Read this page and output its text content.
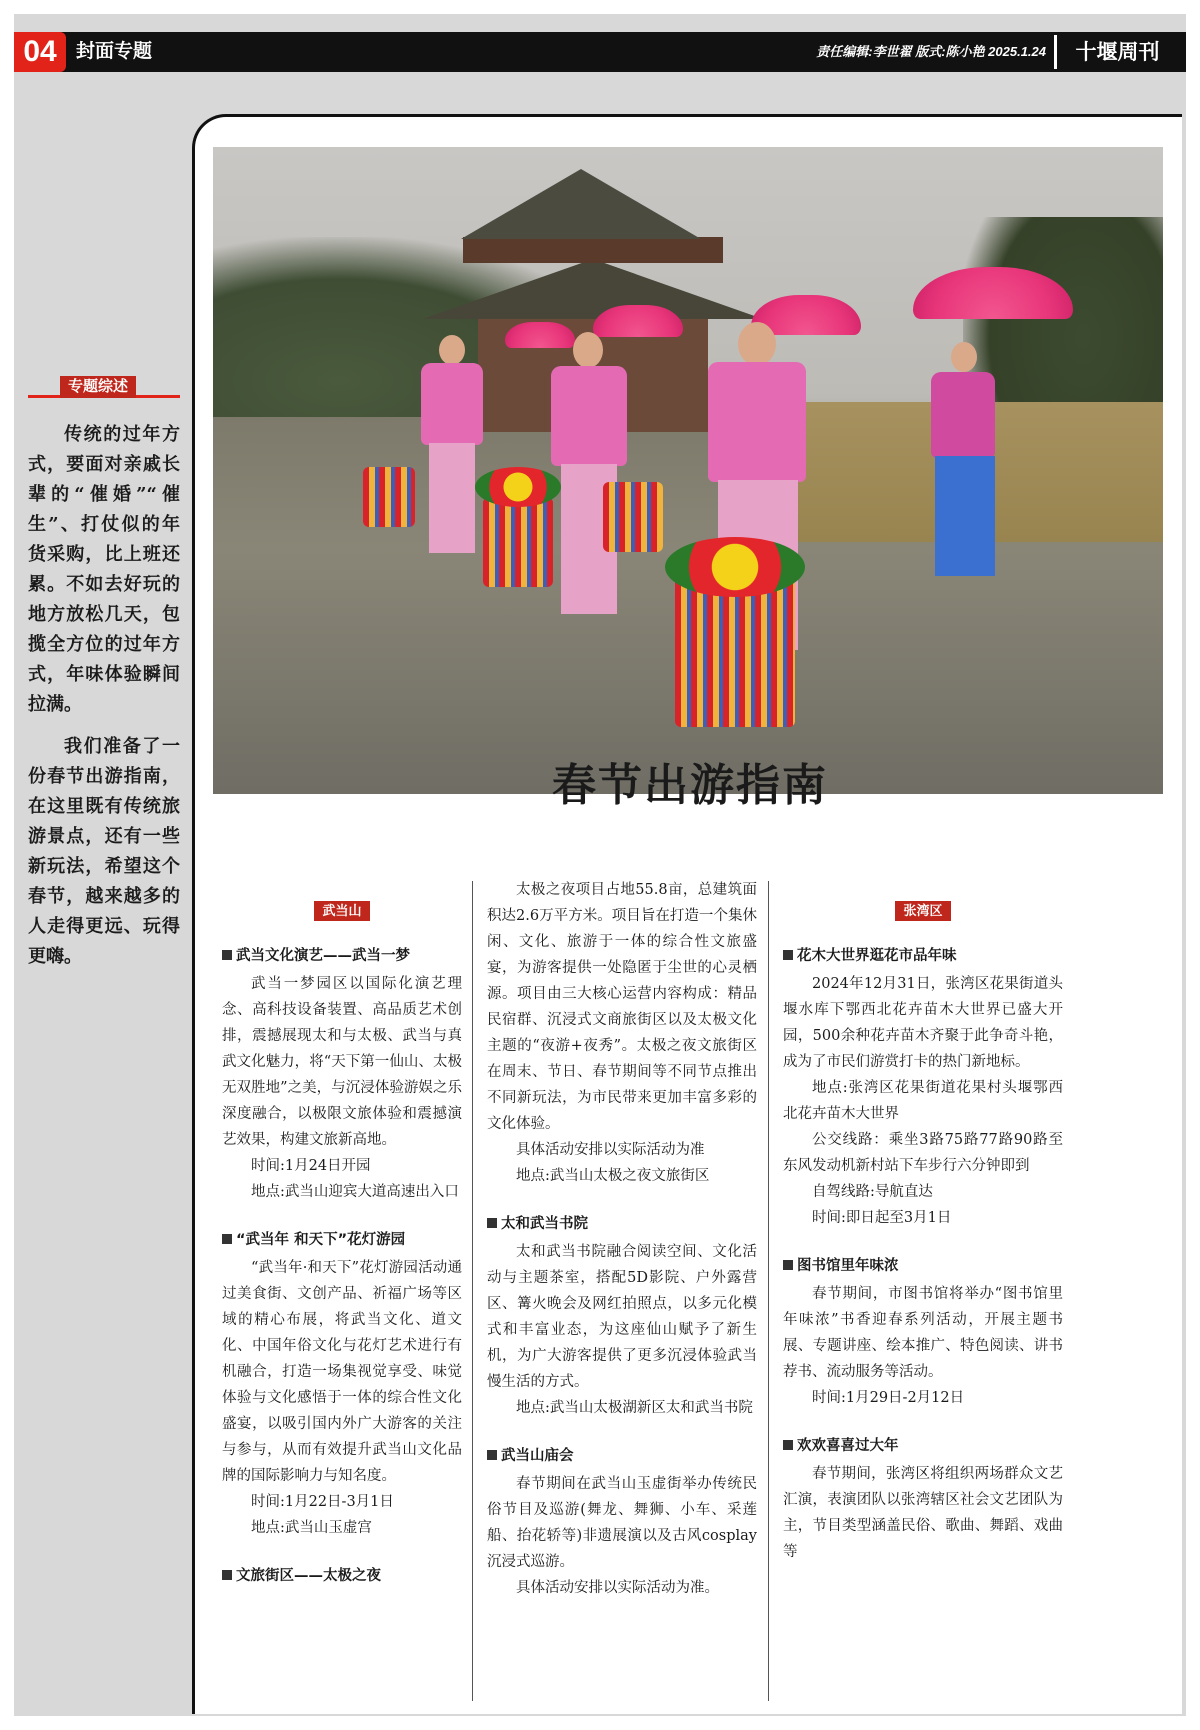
04	封面专题	责任编辑:李世翟 版式:陈小艳 2025.1.24	十堰周刊
专题综述

传统的过年方式，要面对亲戚长辈的“催婚”“催生”、打仗似的年货采购，比上班还累。不如去好玩的地方放松几天，包揽全方位的过年方式，年味体验瞬间拉满。

我们准备了一份春节出游指南，在这里既有传统旅游景点，还有一些新玩法，希望这个春节，越来越多的人走得更远、玩得更嗨。

春节出游指南
武当山
武当文化演艺——武当一梦

武当一梦园区以国际化演艺理念、高科技设备装置、高品质艺术创排，震撼展现太和与太极、武当与真武文化魅力，将“天下第一仙山、太极无双胜地”之美，与沉浸体验游娱之乐深度融合，以极限文旅体验和震撼演艺效果，构建文旅新高地。

时间:1月24日开园

地点:武当山迎宾大道高速出入口

“武当年 和天下”花灯游园

“武当年·和天下”花灯游园活动通过美食街、文创产品、祈福广场等区域的精心布展，将武当文化、道文化、中国年俗文化与花灯艺术进行有机融合，打造一场集视觉享受、味觉体验与文化感悟于一体的综合性文化盛宴，以吸引国内外广大游客的关注与参与，从而有效提升武当山文化品牌的国际影响力与知名度。

时间:1月22日-3月1日

地点:武当山玉虚宫

文旅街区——太极之夜

太极之夜项目占地55.8亩，总建筑面积达2.6万平方米。项目旨在打造一个集休闲、文化、旅游于一体的综合性文旅盛宴，为游客提供一处隐匿于尘世的心灵栖源。项目由三大核心运营内容构成：精品民宿群、沉浸式文商旅街区以及太极文化主题的“夜游+夜秀”。太极之夜文旅街区在周末、节日、春节期间等不同节点推出不同新玩法，为市民带来更加丰富多彩的文化体验。

具体活动安排以实际活动为准

地点:武当山太极之夜文旅街区

太和武当书院

太和武当书院融合阅读空间、文化活动与主题茶室，搭配5D影院、户外露营区、篝火晚会及网红拍照点，以多元化模式和丰富业态，为这座仙山赋予了新生机，为广大游客提供了更多沉浸体验武当慢生活的方式。

地点:武当山太极湖新区太和武当书院

武当山庙会

春节期间在武当山玉虚街举办传统民俗节目及巡游(舞龙、舞狮、小车、采莲船、抬花轿等)非遗展演以及古风cosplay沉浸式巡游。

具体活动安排以实际活动为准。

张湾区
花木大世界逛花市品年味

2024年12月31日，张湾区花果街道头堰水库下鄂西北花卉苗木大世界已盛大开园，500余种花卉苗木齐聚于此争奇斗艳，成为了市民们游赏打卡的热门新地标。

地点:张湾区花果街道花果村头堰鄂西北花卉苗木大世界

公交线路：乘坐3路75路77路90路至东风发动机新村站下车步行六分钟即到

自驾线路:导航直达

时间:即日起至3月1日

图书馆里年味浓

春节期间，市图书馆将举办“图书馆里年味浓”书香迎春系列活动，开展主题书展、专题讲座、绘本推广、特色阅读、讲书荐书、流动服务等活动。

时间:1月29日-2月12日

欢欢喜喜过大年

春节期间，张湾区将组织两场群众文艺汇演，表演团队以张湾辖区社会文艺团队为主，节目类型涵盖民俗、歌曲、舞蹈、戏曲等
